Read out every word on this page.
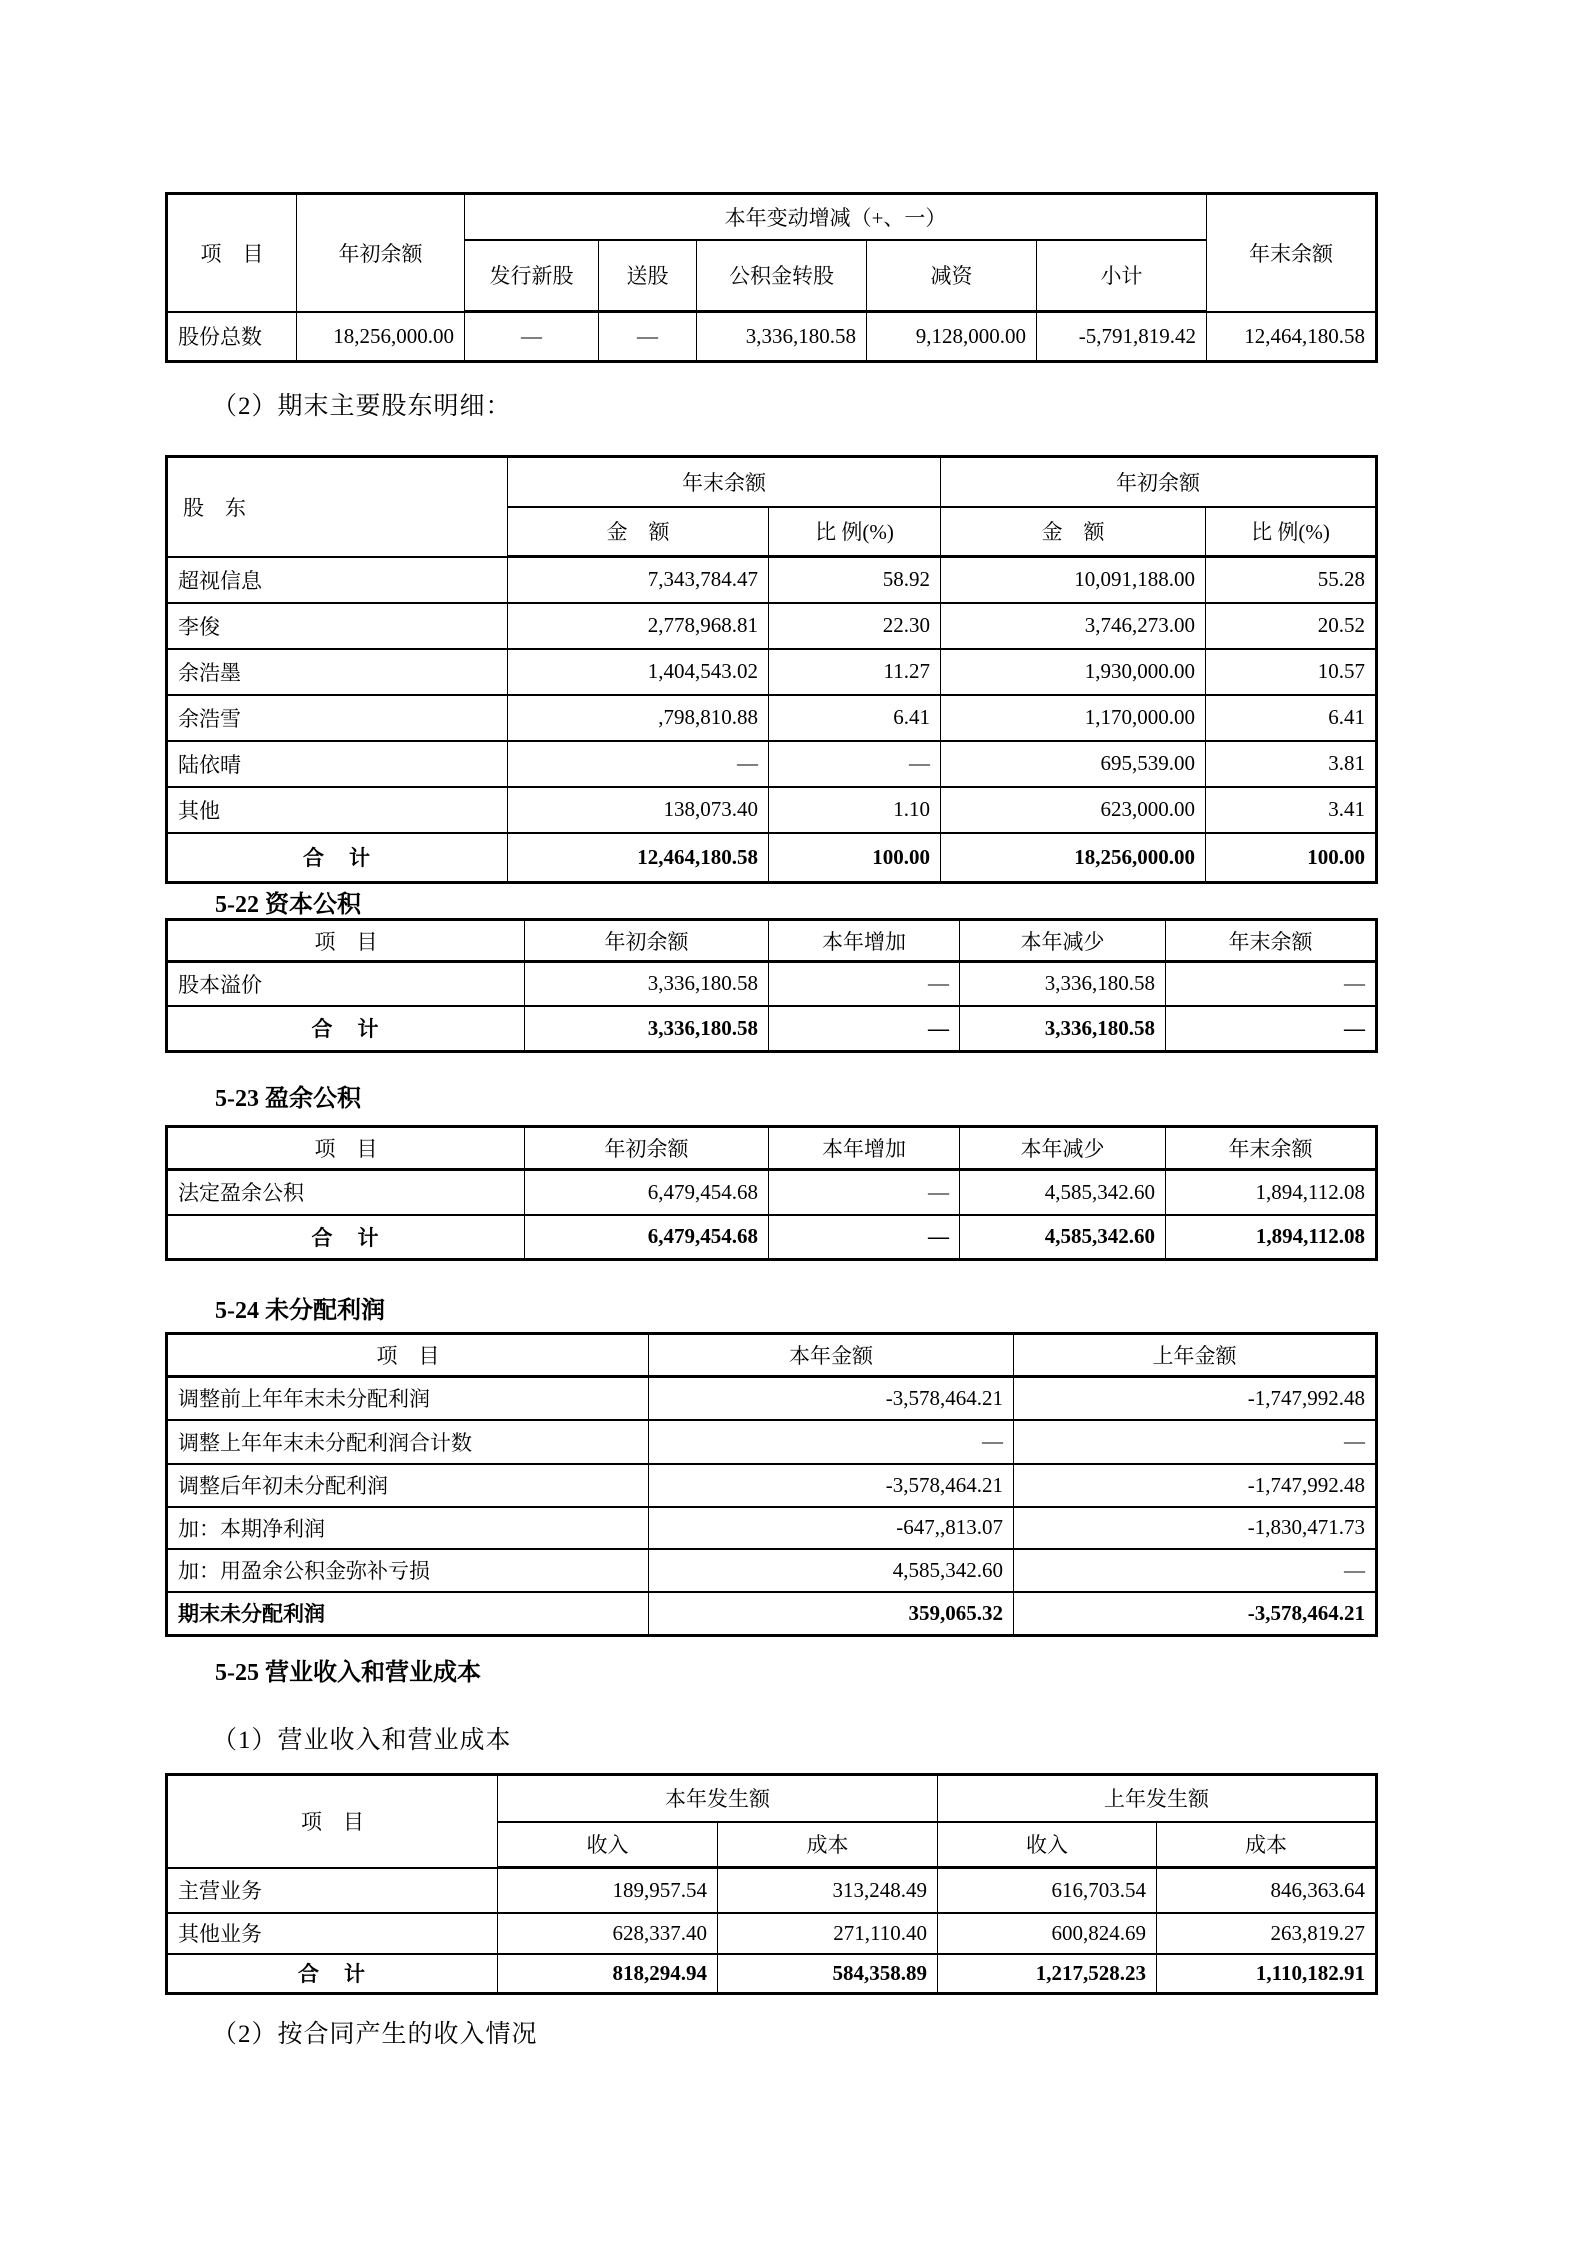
项　目	年初余额	本年变动增减（+、一）					年末余额
		发行新股	送股	公积金转股	减资	小计	
股份总数	18,256,000.00	—	—	3,336,180.58	9,128,000.00	-5,791,819.42	12,464,180.58
（2）期末主要股东明细：
股　东	年末余额		年初余额	
	金　额	比 例(%)	金　额	比 例(%)
超视信息	7,343,784.47	58.92	10,091,188.00	55.28
李俊	2,778,968.81	22.30	3,746,273.00	20.52
余浩墨	1,404,543.02	11.27	1,930,000.00	10.57
余浩雪	,798,810.88	6.41	1,170,000.00	6.41
陆依晴	—	—	695,539.00	3.81
其他	138,073.40	1.10	623,000.00	3.41
合　计	12,464,180.58	100.00	18,256,000.00	100.00
5-22 资本公积
项　目	年初余额	本年增加	本年减少	年末余额
股本溢价	3,336,180.58	—	3,336,180.58	—
合　计	3,336,180.58	—	3,336,180.58	—
5-23 盈余公积
项　目	年初余额	本年增加	本年减少	年末余额
法定盈余公积	6,479,454.68	—	4,585,342.60	1,894,112.08
合　计	6,479,454.68	—	4,585,342.60	1,894,112.08
5-24 未分配利润
项　目	本年金额	上年金额
调整前上年年末未分配利润	-3,578,464.21	-1,747,992.48
调整上年年末未分配利润合计数	—	—
调整后年初未分配利润	-3,578,464.21	-1,747,992.48
加：本期净利润	-647,,813.07	-1,830,471.73
加：用盈余公积金弥补亏损	4,585,342.60	—
期末未分配利润	359,065.32	-3,578,464.21
5-25 营业收入和营业成本
（1）营业收入和营业成本
项　目	本年发生额		上年发生额	
	收入	成本	收入	成本
主营业务	189,957.54	313,248.49	616,703.54	846,363.64
其他业务	628,337.40	271,110.40	600,824.69	263,819.27
合　计	818,294.94	584,358.89	1,217,528.23	1,110,182.91
（2）按合同产生的收入情况
